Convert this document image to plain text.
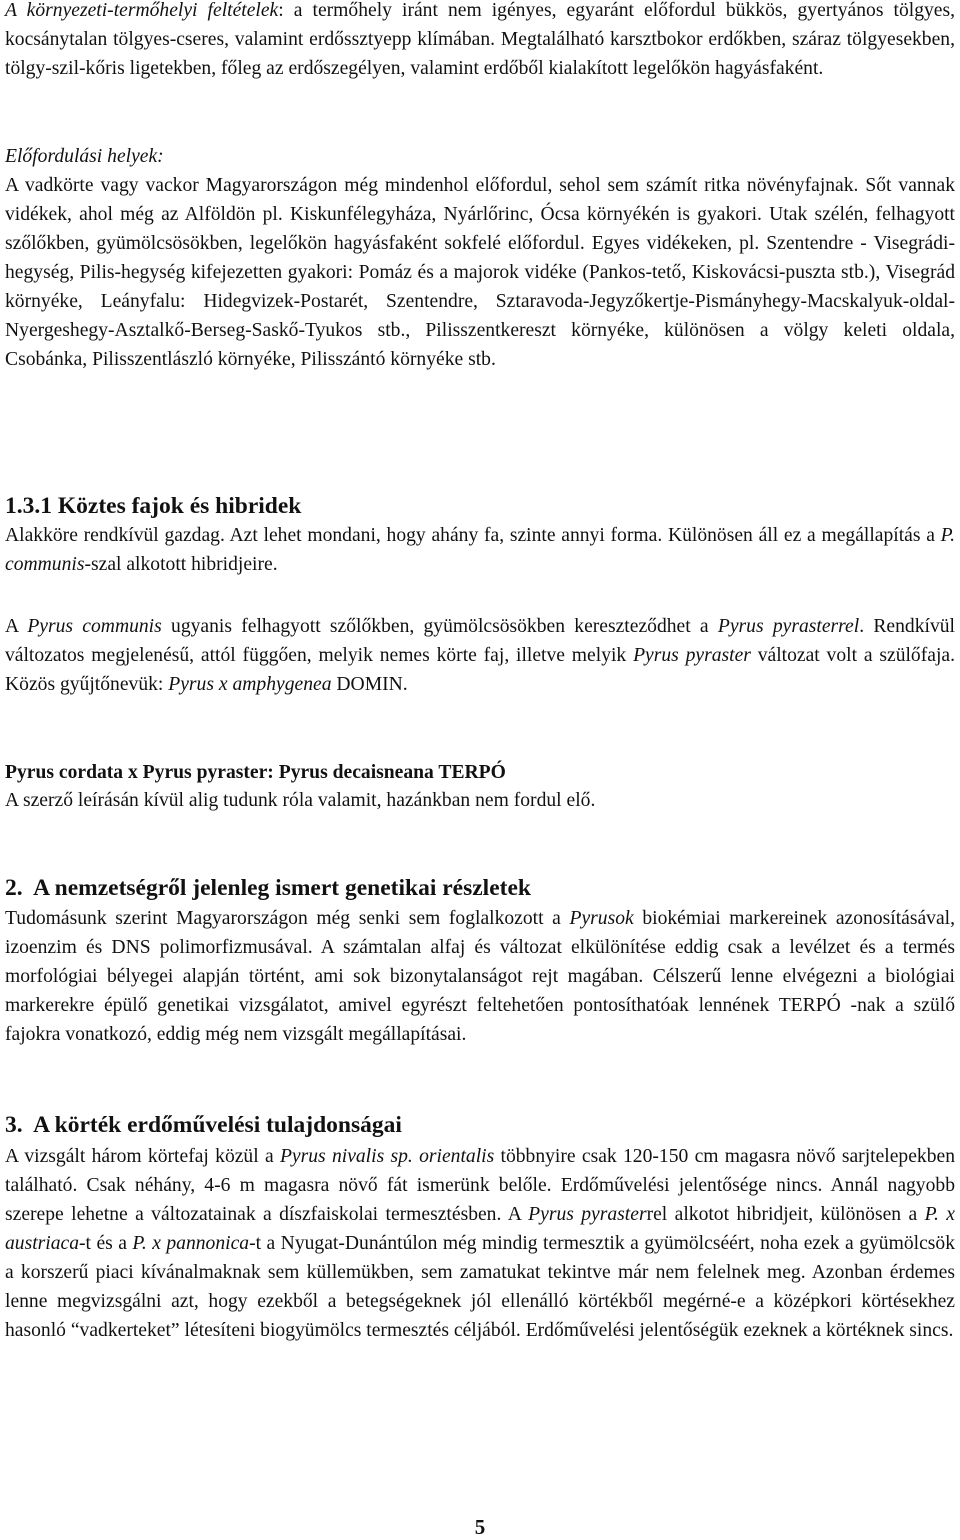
A környezeti-termőhelyi feltételek: a termőhely iránt nem igényes, egyaránt előfordul bükkös, gyertyános tölgyes, kocsánytalan tölgyes-cseres, valamint erdőssztyepp klímában. Megtalálható karsztbokor erdőkben, száraz tölgyesekben, tölgy-szil-kőris ligetekben, főleg az erdőszegélyen, valamint erdőből kialakított legelőkön hagyásfaként.

Előfordulási helyek:

A vadkörte vagy vackor Magyarországon még mindenhol előfordul, sehol sem számít ritka növényfajnak. Sőt vannak vidékek, ahol még az Alföldön pl. Kiskunfélegyháza, Nyárlőrinc, Ócsa környékén is gyakori. Utak szélén, felhagyott szőlőkben, gyümölcsösökben, legelőkön hagyásfaként sokfelé előfordul. Egyes vidékeken, pl. Szentendre - Visegrádi-hegység, Pilis-hegység kifejezetten gyakori: Pomáz és a majorok vidéke (Pankos-tető, Kiskovácsi-puszta stb.), Visegrád környéke, Leányfalu: Hidegvizek-Postarét, Szentendre, Sztaravoda-Jegyzőkertje-Pismányhegy-Macskalyuk-oldal-Nyergeshegy-Asztalkő-Berseg-Saskő-Tyukos stb., Pilisszentkereszt környéke, különösen a völgy keleti oldala, Csobánka, Pilisszentlászló környéke, Pilisszántó környéke stb.

1.3.1 Köztes fajok és hibridek

Alakköre rendkívül gazdag. Azt lehet mondani, hogy ahány fa, szinte annyi forma. Különösen áll ez a megállapítás a P. communis-szal alkotott hibridjeire.

A Pyrus communis ugyanis felhagyott szőlőkben, gyümölcsösökben kereszteződhet a Pyrus pyrasterrel. Rendkívül változatos megjelenésű, attól függően, melyik nemes körte faj, illetve melyik Pyrus pyraster változat volt a szülőfaja. Közös gyűjtőnevük: Pyrus x amphygenea DOMIN.

Pyrus cordata x Pyrus pyraster: Pyrus decaisneana TERPÓ

A szerző leírásán kívül alig tudunk róla valamit, hazánkban nem fordul elő.

2.  A nemzetségről jelenleg ismert genetikai részletek

Tudomásunk szerint Magyarországon még senki sem foglalkozott a Pyrusok biokémiai markereinek azonosításával, izoenzim és DNS polimorfizmusával. A számtalan alfaj és változat elkülönítése eddig csak a levélzet és a termés morfológiai bélyegei alapján történt, ami sok bizonytalanságot rejt magában. Célszerű lenne elvégezni a biológiai markerekre épülő genetikai vizsgálatot, amivel egyrészt feltehetően pontosíthatóak lennének TERPÓ -nak a szülő fajokra vonatkozó, eddig még nem vizsgált megállapításai.

3.  A körték erdőművelési tulajdonságai

A vizsgált három körtefaj közül a Pyrus nivalis sp. orientalis többnyire csak 120-150 cm magasra növő sarjtelepekben található. Csak néhány, 4-6 m magasra növő fát ismerünk belőle. Erdőművelési jelentősége nincs. Annál nagyobb szerepe lehetne a változatainak a díszfaiskolai termesztésben. A Pyrus pyrasterrel alkotot hibridjeit, különösen a P. x austriaca-t és a P. x pannonica-t a Nyugat-Dunántúlon még mindig termesztik a gyümölcséért, noha ezek a gyümölcsök a korszerű piaci kívánalmaknak sem küllemükben, sem zamatukat tekintve már nem felelnek meg. Azonban érdemes lenne megvizsgálni azt, hogy ezekből a betegségeknek jól ellenálló körtékből megérné-e a középkori körtésekhez hasonló “vadkerteket” létesíteni biogyümölcs termesztés céljából. Erdőművelési jelentőségük ezeknek a körtéknek sincs.

5
